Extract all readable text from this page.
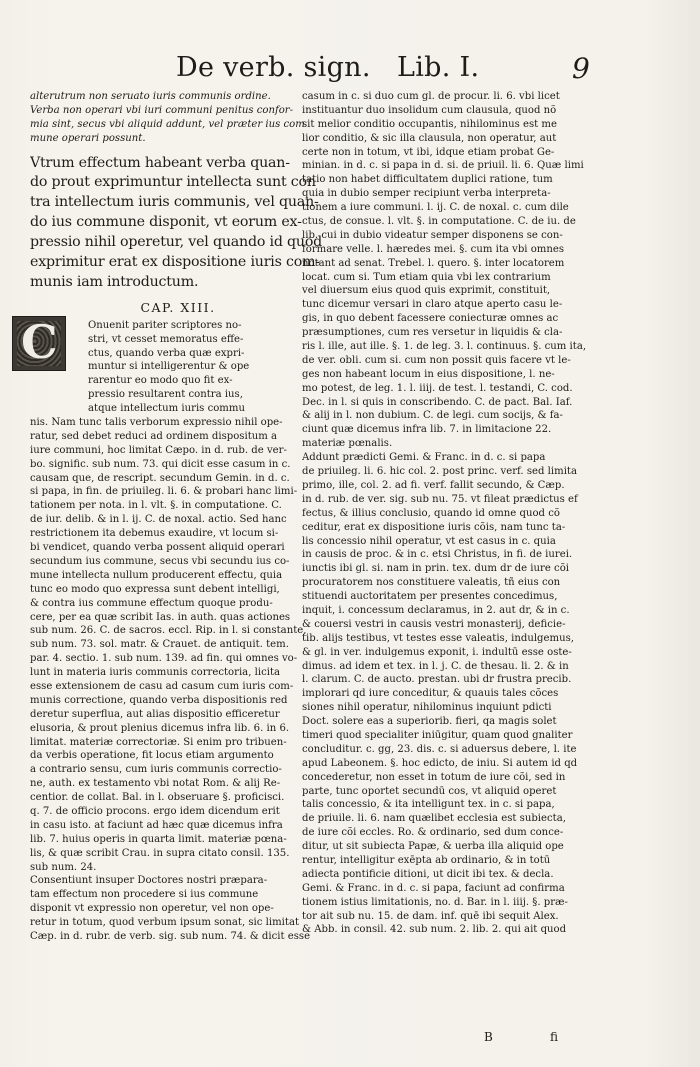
De verb. sign. Lib. I.	9
C
alterutrum non seruato iuris communis ordine.
Verba non operari vbi iuri communi penitus confor-
mia sint, secus vbi aliquid addunt, vel præter ius com
mune operari possunt.
Vtrum effectum habeant verba quan-
do prout exprimuntur intellecta sunt con
tra intellectum iuris communis, vel quan-
do ius commune disponit, vt eorum ex-
pressio nihil operetur, vel quando id quod
exprimitur erat ex dispositione iuris com-
munis iam introductum.
CAP. XIII.
Onuenit pariter scriptores no-
stri, vt cesset memoratus effe-
ctus, quando verba quæ expri-
muntur si intelligerentur & ope
rarentur eo modo quo fit ex-
pressio resultarent contra ius,
atque intellectum iuris commu
nis. Nam tunc talis verborum expressio nihil ope-
ratur, sed debet reduci ad ordinem dispositum a
iure communi, hoc limitat Cæpo. in d. rub. de ver-
bo. signific. sub num. 73. qui dicit esse casum in c.
causam que, de rescript. secundum Gemin. in d. c.
si papa, in fin. de priuileg. li. 6. & probari hanc limi-
tationem per nota. in l. vlt. §. in computatione. C.
de iur. delib. & in l. ij. C. de noxal. actio. Sed hanc
restrictionem ita debemus exaudire, vt locum si-
bi vendicet, quando verba possent aliquid operari
secundum ius commune, secus vbi secundu ius co-
mune intellecta nullum producerent effectu, quia
tunc eo modo quo expressa sunt debent intelligi,
& contra ius commune effectum quoque produ-
cere, per ea quæ scribit Ias. in auth. quas actiones
sub num. 26. C. de sacros. eccl. Rip. in l. si constante,
sub num. 73. sol. matr. & Crauet. de antiquit. tem.
par. 4. sectio. 1. sub num. 139. ad fin. qui omnes vo-
lunt in materia iuris communis correctoria, licita
esse extensionem de casu ad casum cum iuris com-
munis correctione, quando verba dispositionis red
deretur superflua, aut alias dispositio efficeretur
elusoria, & prout plenius dicemus infra lib. 6. in 6.
limitat. materiæ correctoriæ. Si enim pro tribuen-
da verbis operatione, fit locus etiam argumento
a contrario sensu, cum iuris communis correctio-
ne, auth. ex testamento vbi notat Rom. & alij Re-
centior. de collat. Bal. in l. obseruare §. proficisci.
q. 7. de officio procons. ergo idem dicendum erit
in casu isto. at faciunt ad hæc quæ dicemus infra
lib. 7. huius operis in quarta limit. materiæ pœna-
lis, & quæ scribit Crau. in supra citato consil. 135.
sub num. 24.
Consentiunt insuper Doctores nostri præpara-
tam effectum non procedere si ius commune
disponit vt expressio non operetur, vel non ope-
retur in totum, quod verbum ipsum sonat, sic limitat
Cæp. in d. rubr. de verb. sig. sub num. 74. & dicit esse
casum in c. si duo cum gl. de procur. li. 6. vbi licet
instituantur duo insolidum cum clausula, quod nõ
sit melior conditio occupantis, nihilominus est me
lior conditio, & sic illa clausula, non operatur, aut
certe non in totum, vt ibi, idque etiam probat Ge-
minian. in d. c. si papa in d. si. de priuil. li. 6. Quæ limi
tatio non habet difficultatem duplici ratione, tum
quia in dubio semper recipiunt verba interpreta-
tionem a iure communi. l. ij. C. de noxal. c. cum dile
ctus, de consue. l. vlt. §. in computatione. C. de iu. de
lib. cui in dubio videatur semper disponens se con-
formare velle. l. hæredes mei. §. cum ita vbi omnes
notant ad senat. Trebel. l. quero. §. inter locatorem
locat. cum si. Tum etiam quia vbi lex contrarium
vel diuersum eius quod quis exprimit, constituit,
tunc dicemur versari in claro atque aperto casu le-
gis, in quo debent facessere coniecturæ omnes ac
præsumptiones, cum res versetur in liquidis & cla-
ris l. ille, aut ille. §. 1. de leg. 3. l. continuus. §. cum ita,
de ver. obli. cum si. cum non possit quis facere vt le-
ges non habeant locum in eius dispositione, l. ne-
mo potest, de leg. 1. l. iiij. de test. l. testandi, C. cod.
Dec. in l. si quis in conscribendo. C. de pact. Bal. Iaf.
& alij in l. non dubium. C. de legi. cum socijs, & fa-
ciunt quæ dicemus infra lib. 7. in limitacione 22.
materiæ pœnalis.
Addunt prædicti Gemi. & Franc. in d. c. si papa
de priuileg. li. 6. hic col. 2. post princ. verf. sed limita
primo, ille, col. 2. ad fi. verf. fallit secundo, & Cæp.
in d. rub. de ver. sig. sub nu. 75. vt fileat prædictus ef
fectus, & illius conclusio, quando id omne quod cõ
ceditur, erat ex dispositione iuris cõis, nam tunc ta-
lis concessio nihil operatur, vt est casus in c. quia
in causis de proc. & in c. etsi Christus, in fi. de iurei.
iunctis ibi gl. si. nam in prin. tex. dum dr de iure cõi
procuratorem nos constituere valeatis, tñ eius con
stituendi auctoritatem per presentes concedimus,
inquit, i. concessum declaramus, in 2. aut dr, & in c.
& couersi vestri in causis vestri monasterij, deficie-
tib. alijs testibus, vt testes esse valeatis, indulgemus,
& gl. in ver. indulgemus exponit, i. indultū esse oste-
dimus. ad idem et tex. in l. j. C. de thesau. li. 2. & in
l. clarum. C. de aucto. prestan. ubi dr frustra precib.
implorari qd iure conceditur, & quauis tales cõces
siones nihil operatur, nihilominus inquiunt pdicti
Doct. solere eas a superiorib. fieri, qa magis solet
timeri quod specialiter iniūgitur, quam quod gnaliter
concluditur. c. gg, 23. dis. c. si aduersus debere, l. ite
apud Labeonem. §. hoc edicto, de iniu. Si autem id qd
concederetur, non esset in totum de iure cõi, sed in
parte, tunc oportet secundū cos, vt aliquid operet
talis concessio, & ita intelligunt tex. in c. si papa,
de priuile. li. 6. nam quælibet ecclesia est subiecta,
de iure cõi eccles. Ro. & ordinario, sed dum conce-
ditur, ut sit subiecta Papæ, & uerba illa aliquid ope
rentur, intelligitur exēpta ab ordinario, & in totū
adiecta pontificie ditioni, ut dicit ibi tex. & decla.
Gemi. & Franc. in d. c. si papa, faciunt ad confirma
tionem istius limitationis, no. d. Bar. in l. iiij. §. præ-
tor ait sub nu. 15. de dam. inf. quē ibi sequit Alex.
& Abb. in consil. 42. sub num. 2. lib. 2. qui ait quod
B	fi
